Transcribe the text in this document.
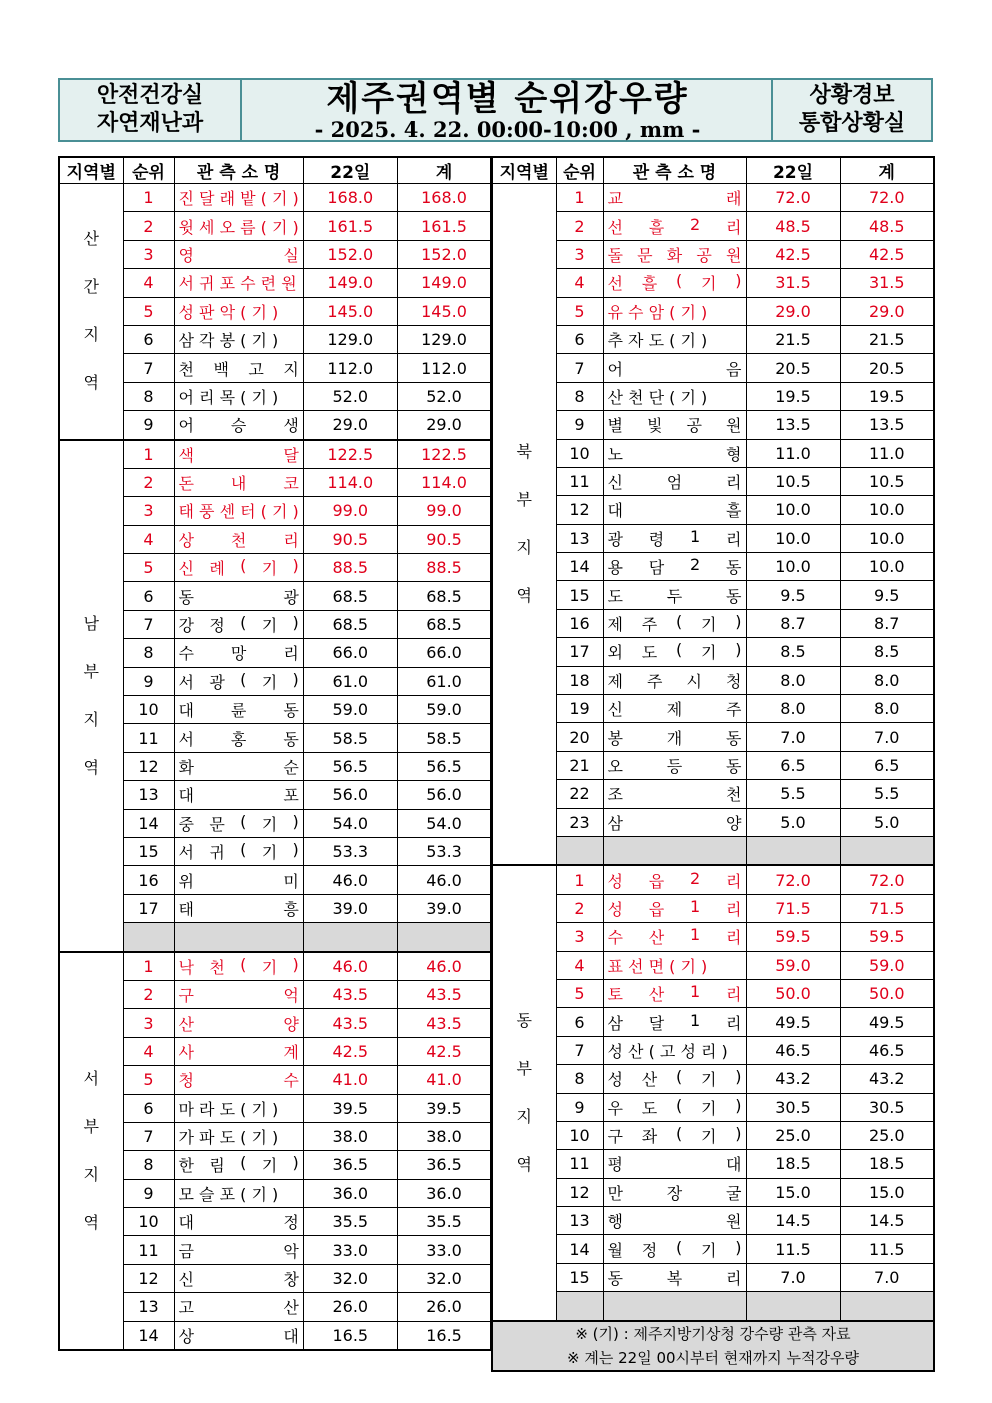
안전건강실
자연재난과
제주권역별 순위강우량
- 2025. 4. 22. 00:00-10:00 , mm -
상황경보
통합상황실
지역별	순위	관 측 소 명	22일	계
산
간
지
역	1	진 달 래 밭 ( 기 )	168.0	168.0
	2	윗 세 오 름 ( 기 )	161.5	161.5
	3	영 실	152.0	152.0
	4	서 귀 포 수 련 원	149.0	149.0
	5	성 판 악 ( 기 )	145.0	145.0
	6	삼 각 봉 ( 기 )	129.0	129.0
	7	천 백 고 지	112.0	112.0
	8	어 리 목 ( 기 )	52.0	52.0
	9	어 승 생	29.0	29.0
남
부
지
역	1	색 달	122.5	122.5
	2	돈 내 코	114.0	114.0
	3	태 풍 센 터 ( 기 )	99.0	99.0
	4	상 천 리	90.5	90.5
	5	신 례 ( 기 )	88.5	88.5
	6	동 광	68.5	68.5
	7	강 정 ( 기 )	68.5	68.5
	8	수 망 리	66.0	66.0
	9	서 광 ( 기 )	61.0	61.0
	10	대 륜 동	59.0	59.0
	11	서 홍 동	58.5	58.5
	12	화 순	56.5	56.5
	13	대 포	56.0	56.0
	14	중 문 ( 기 )	54.0	54.0
	15	서 귀 ( 기 )	53.3	53.3
	16	위 미	46.0	46.0
	17	태 흥	39.0	39.0

서
부
지
역	1	낙 천 ( 기 )	46.0	46.0
	2	구 억	43.5	43.5
	3	산 양	43.5	43.5
	4	사 계	42.5	42.5
	5	청 수	41.0	41.0
	6	마 라 도 ( 기 )	39.5	39.5
	7	가 파 도 ( 기 )	38.0	38.0
	8	한 림 ( 기 )	36.5	36.5
	9	모 슬 포 ( 기 )	36.0	36.0
	10	대 정	35.5	35.5
	11	금 악	33.0	33.0
	12	신 창	32.0	32.0
	13	고 산	26.0	26.0
	14	상 대	16.5	16.5
지역별	순위	관 측 소 명	22일	계
북
부
지
역	1	교 래	72.0	72.0
	2	선 흘 2 리	48.5	48.5
	3	돌 문 화 공 원	42.5	42.5
	4	선 흘 ( 기 )	31.5	31.5
	5	유 수 암 ( 기 )	29.0	29.0
	6	추 자 도 ( 기 )	21.5	21.5
	7	어 음	20.5	20.5
	8	산 천 단 ( 기 )	19.5	19.5
	9	별 빛 공 원	13.5	13.5
	10	노 형	11.0	11.0
	11	신 엄 리	10.5	10.5
	12	대 흘	10.0	10.0
	13	광 령 1 리	10.0	10.0
	14	용 담 2 동	10.0	10.0
	15	도 두 동	9.5	9.5
	16	제 주 ( 기 )	8.7	8.7
	17	외 도 ( 기 )	8.5	8.5
	18	제 주 시 청	8.0	8.0
	19	신 제 주	8.0	8.0
	20	봉 개 동	7.0	7.0
	21	오 등 동	6.5	6.5
	22	조 천	5.5	5.5
	23	삼 양	5.0	5.0

동
부
지
역	1	성 읍 2 리	72.0	72.0
	2	성 읍 1 리	71.5	71.5
	3	수 산 1 리	59.5	59.5
	4	표 선 면 ( 기 )	59.0	59.0
	5	토 산 1 리	50.0	50.0
	6	삼 달 1 리	49.5	49.5
	7	성 산 ( 고 성 리 )	46.5	46.5
	8	성 산 ( 기 )	43.2	43.2
	9	우 도 ( 기 )	30.5	30.5
	10	구 좌 ( 기 )	25.0	25.0
	11	평 대	18.5	18.5
	12	만 장 굴	15.0	15.0
	13	행 원	14.5	14.5
	14	월 정 ( 기 )	11.5	11.5
	15	동 복 리	7.0	7.0

※ (기) : 제주지방기상청 강수량 관측 자료
※ 계는 22일 00시부터 현재까지 누적강우량				
